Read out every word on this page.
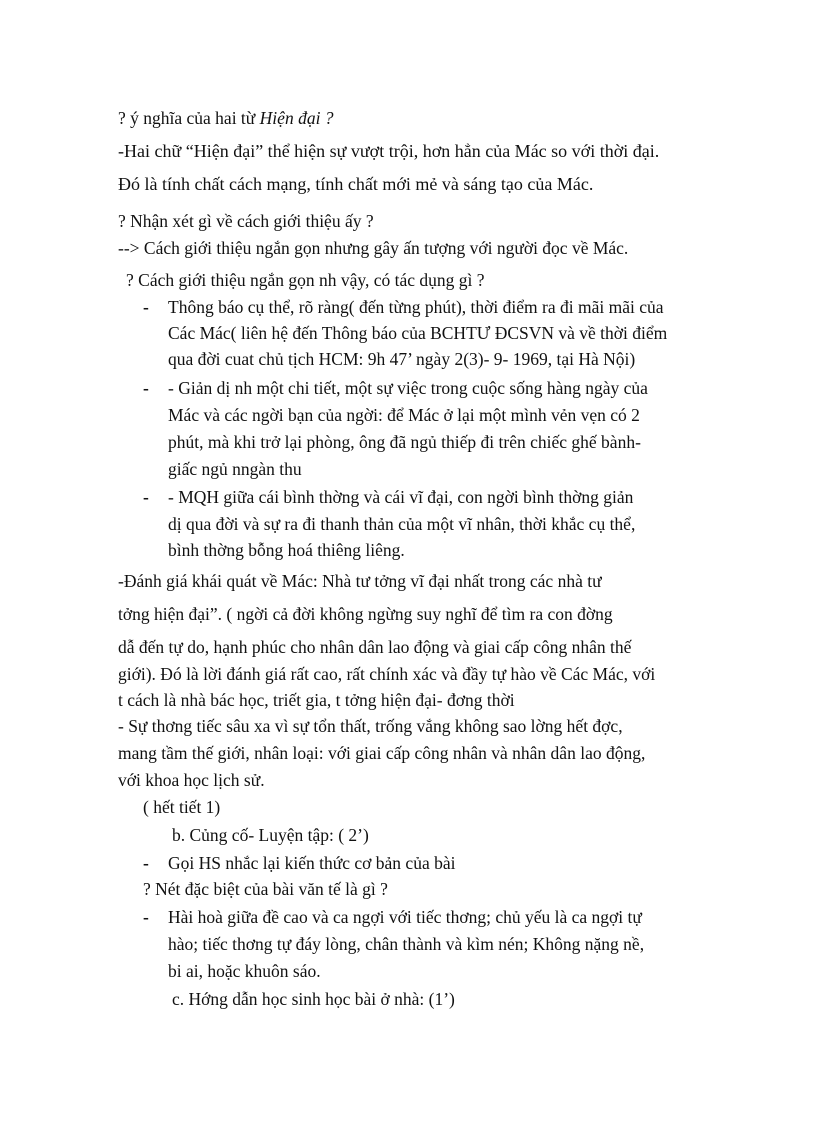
? ý nghĩa của hai từ Hiện đại ?
-Hai chữ “Hiện đại” thể hiện sự vượt trội, hơn hẳn của Mác so với thời đại.
Đó là tính chất cách mạng, tính chất mới mẻ và sáng tạo của Mác.
? Nhận xét gì về cách giới thiệu ấy ?
--> Cách giới thiệu ngắn gọn nhưng gây ấn tượng với người đọc về Mác.
? Cách giới thiệu ngắn gọn nh vậy, có tác dụng gì ?
- Thông báo cụ thể, rõ ràng( đến từng phút), thời điểm ra đi mãi mãi của
Các Mác( liên hệ đến Thông báo của BCHTƯ ĐCSVN và về thời điểm
qua đời cuat chủ tịch HCM: 9h 47’ ngày 2(3)- 9- 1969, tại Hà Nội)
- - Giản dị nh một chi tiết, một sự việc trong cuộc sống hàng ngày của
Mác và các ngời bạn của ngời: để Mác ở lại một mình vẻn vẹn có 2
phút, mà khi trở lại phòng, ông đã ngủ thiếp đi trên chiếc ghế bành-
giấc ngủ nngàn thu
- - MQH giữa cái bình thờng và cái vĩ đại, con ngời bình thờng giản
dị qua đời và sự ra đi thanh thản của một vĩ nhân, thời khắc cụ thể,
bình thờng bỗng hoá thiêng liêng.
-Đánh giá khái quát về Mác: Nhà tư tởng vĩ đại nhất trong các nhà tư
tởng hiện đại”. ( ngời cả đời không ngừng suy nghĩ để tìm ra con đờng
dẫ đến tự do, hạnh phúc cho nhân dân lao động và giai cấp công nhân thế
giới). Đó là lời đánh giá rất cao, rất chính xác và đầy tự hào về Các Mác, với
t cách là nhà bác học, triết gia, t tởng hiện đại- đơng thời
- Sự thơng tiếc sâu xa vì sự tổn thất, trống vắng không sao lờng hết đợc,
mang tầm thế giới, nhân loại: với giai cấp công nhân và nhân dân lao động,
với khoa học lịch sử.
( hết tiết 1)
b. Củng cố- Luyện tập: ( 2’)
- Gọi HS nhắc lại kiến thức cơ bản của bài
? Nét đặc biệt của bài văn tế là gì ?
- Hài hoà giữa đề cao và ca ngợi với tiếc thơng; chủ yếu là ca ngợi tự
hào; tiếc thơng tự đáy lòng, chân thành và kìm nén; Không nặng nề,
bi ai, hoặc khuôn sáo.
c. Hớng dẫn học sinh học bài ở nhà: (1’)
